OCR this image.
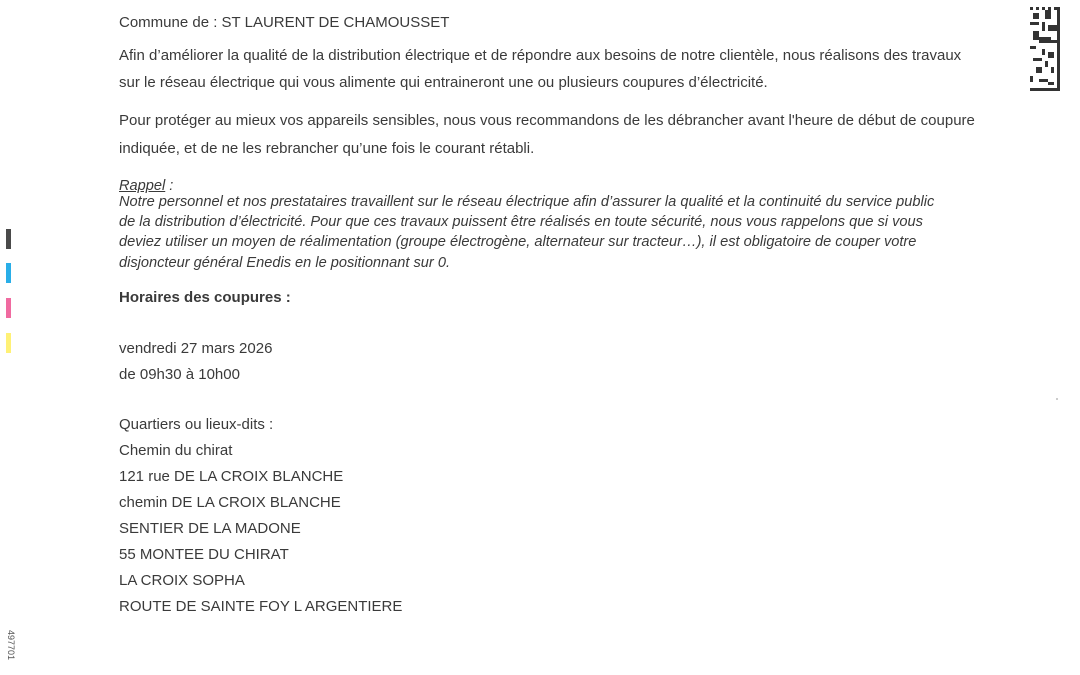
Commune de : ST LAURENT DE CHAMOUSSET
Afin d’améliorer la qualité de la distribution électrique et de répondre aux besoins de notre clientèle, nous réalisons des travaux
sur le réseau électrique qui vous alimente qui entraineront une ou plusieurs coupures d’électricité.
Pour protéger au mieux vos appareils sensibles, nous vous recommandons de les débrancher avant l'heure de début de coupure
indiquée, et de ne les rebrancher qu’une fois le courant rétabli.
Rappel :
Notre personnel et nos prestataires travaillent sur le réseau électrique afin d’assurer la qualité et la continuité du service public
de la distribution d’électricité. Pour que ces travaux puissent être réalisés en toute sécurité, nous vous rappelons que si vous
deviez utiliser un moyen de réalimentation (groupe électrogène, alternateur sur tracteur…), il est obligatoire de couper votre
disjoncteur général Enedis en le positionnant sur 0.
Horaires des coupures :
vendredi 27 mars 2026
de 09h30 à 10h00
Quartiers ou lieux-dits :
Chemin du chirat
121 rue DE LA CROIX BLANCHE
chemin DE LA CROIX BLANCHE
SENTIER DE LA MADONE
55 MONTEE DU CHIRAT
LA CROIX SOPHA
ROUTE DE SAINTE FOY L ARGENTIERE
497701
